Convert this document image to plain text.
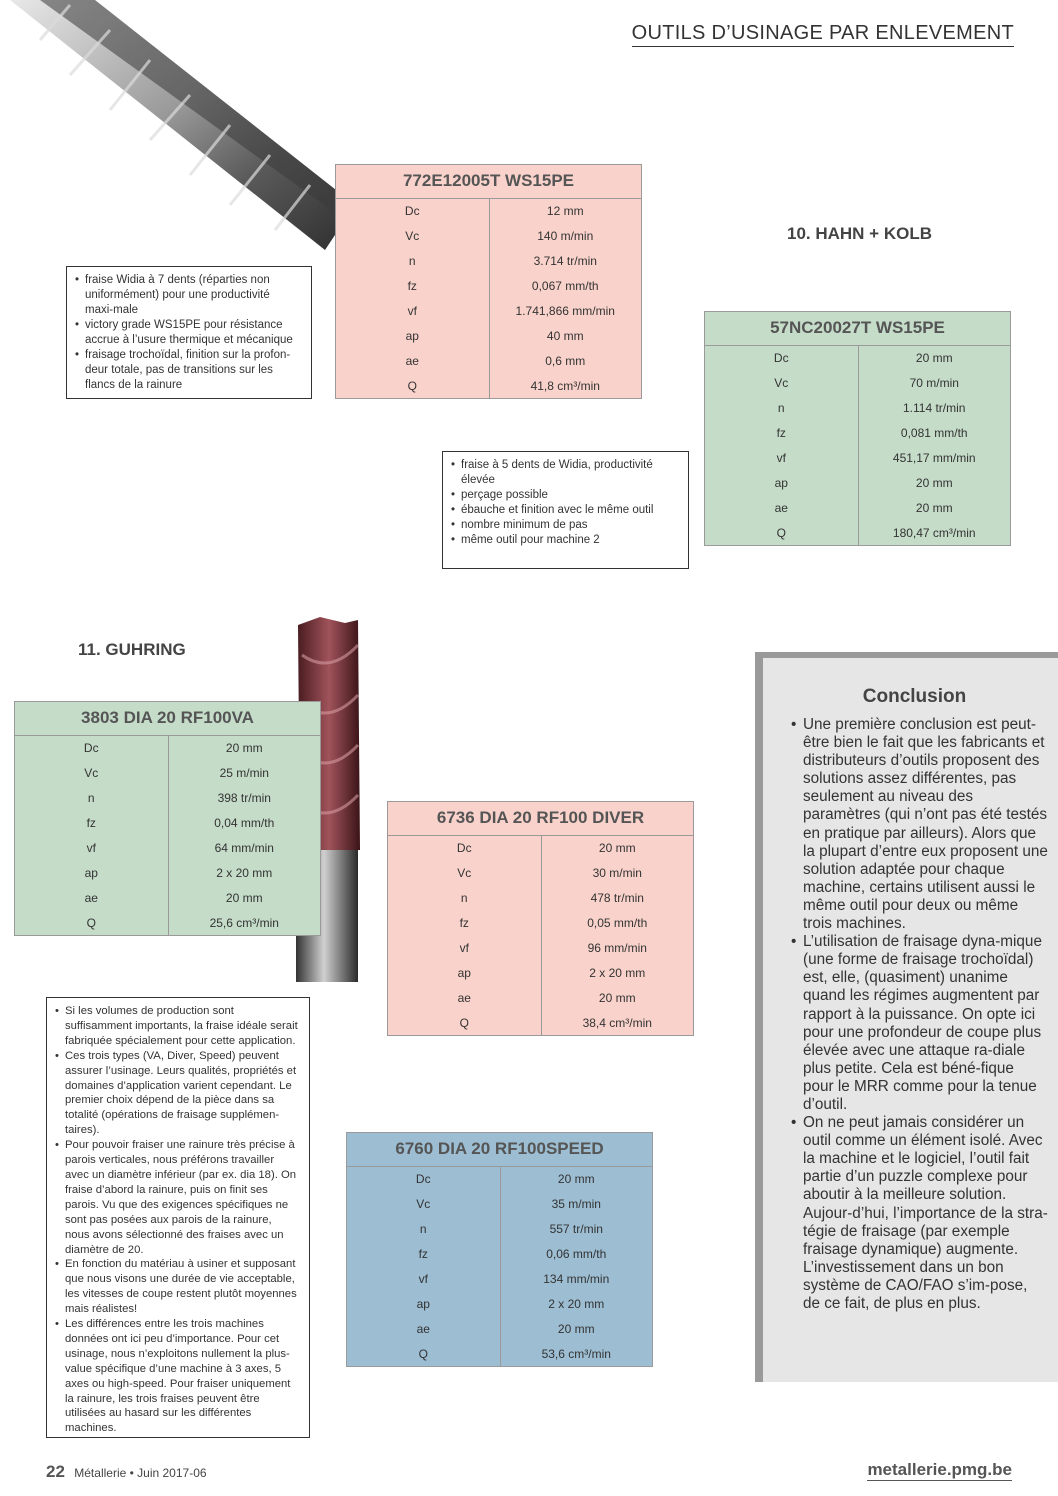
OUTILS D’USINAGE PAR ENLEVEMENT
772E12005T WS15PE	
Dc	12 mm
Vc	140 m/min
n	3.714 tr/min
fz	0,067 mm/th
vf	1.741,866 mm/min
ap	40 mm
ae	0,6 mm
Q	41,8 cm³/min
10. HAHN + KOLB
• fraise Widia à 7 dents (réparties non uniformément) pour une productivité maxi-male
• victory grade WS15PE pour résistance accrue à l’usure thermique et mécanique
• fraisage trochoïdal, finition sur la profon-deur totale, pas de transitions sur les flancs de la rainure
57NC20027T WS15PE	
Dc	20 mm
Vc	70 m/min
n	1.114 tr/min
fz	0,081 mm/th
vf	451,17 mm/min
ap	20 mm
ae	20 mm
Q	180,47 cm³/min
• fraise à 5 dents de Widia, productivité élevée
• perçage possible
• ébauche et finition avec le même outil
• nombre minimum de pas
• même outil pour machine 2
11. GUHRING
3803 DIA 20 RF100VA	
Dc	20 mm
Vc	25 m/min
n	398 tr/min
fz	0,04 mm/th
vf	64 mm/min
ap	2 x 20 mm
ae	20 mm
Q	25,6 cm³/min
6736 DIA 20 RF100 DIVER	
Dc	20 mm
Vc	30 m/min
n	478 tr/min
fz	0,05 mm/th
vf	96 mm/min
ap	2 x 20 mm
ae	20 mm
Q	38,4 cm³/min
• Si les volumes de production sont suffisamment importants, la fraise idéale serait fabriquée spécialement pour cette application.
• Ces trois types (VA, Diver, Speed) peuvent assurer l’usinage. Leurs qualités, propriétés et domaines d’application varient cependant. Le premier choix dépend de la pièce dans sa totalité (opérations de fraisage supplémen-taires).
• Pour pouvoir fraiser une rainure très précise à parois verticales, nous préférons travailler avec un diamètre inférieur (par ex. dia 18). On fraise d’abord la rainure, puis on finit ses parois. Vu que des exigences spécifiques ne sont pas posées aux parois de la rainure, nous avons sélectionné des fraises avec un diamètre de 20.
• En fonction du matériau à usiner et supposant que nous visons une durée de vie acceptable, les vitesses de coupe restent plutôt moyennes mais réalistes!
• Les différences entre les trois machines données ont ici peu d’importance. Pour cet usinage, nous n’exploitons nullement la plus-value spécifique d’une machine à 3 axes, 5 axes ou high-speed. Pour fraiser uniquement la rainure, les trois fraises peuvent être utilisées au hasard sur les différentes machines.
6760 DIA 20 RF100SPEED	
Dc	20 mm
Vc	35 m/min
n	557 tr/min
fz	0,06 mm/th
vf	134 mm/min
ap	2 x 20 mm
ae	20 mm
Q	53,6 cm³/min
Conclusion
• Une première conclusion est peut-être bien le fait que les fabricants et distributeurs d’outils proposent des solutions assez différentes, pas seulement au niveau des paramètres (qui n’ont pas été testés en pratique par ailleurs). Alors que la plupart d’entre eux proposent une solution adaptée pour chaque machine, certains utilisent aussi le même outil pour deux ou même trois machines.
• L’utilisation de fraisage dyna-mique (une forme de fraisage trochoïdal) est, elle, (quasiment) unanime quand les régimes augmentent par rapport à la puissance. On opte ici pour une profondeur de coupe plus élevée avec une attaque ra-diale plus petite. Cela est béné-fique pour le MRR comme pour la tenue d’outil.
• On ne peut jamais considérer un outil comme un élément isolé. Avec la machine et le logiciel, l’outil fait partie d’un puzzle complexe pour aboutir à la meilleure solution. Aujour-d’hui, l’importance de la stra-tégie de fraisage (par exemple fraisage dynamique) augmente. L’investissement dans un bon système de CAO/FAO s’im-pose, de ce fait, de plus en plus.
22 Métallerie • Juin 2017-06	metallerie.pmg.be
